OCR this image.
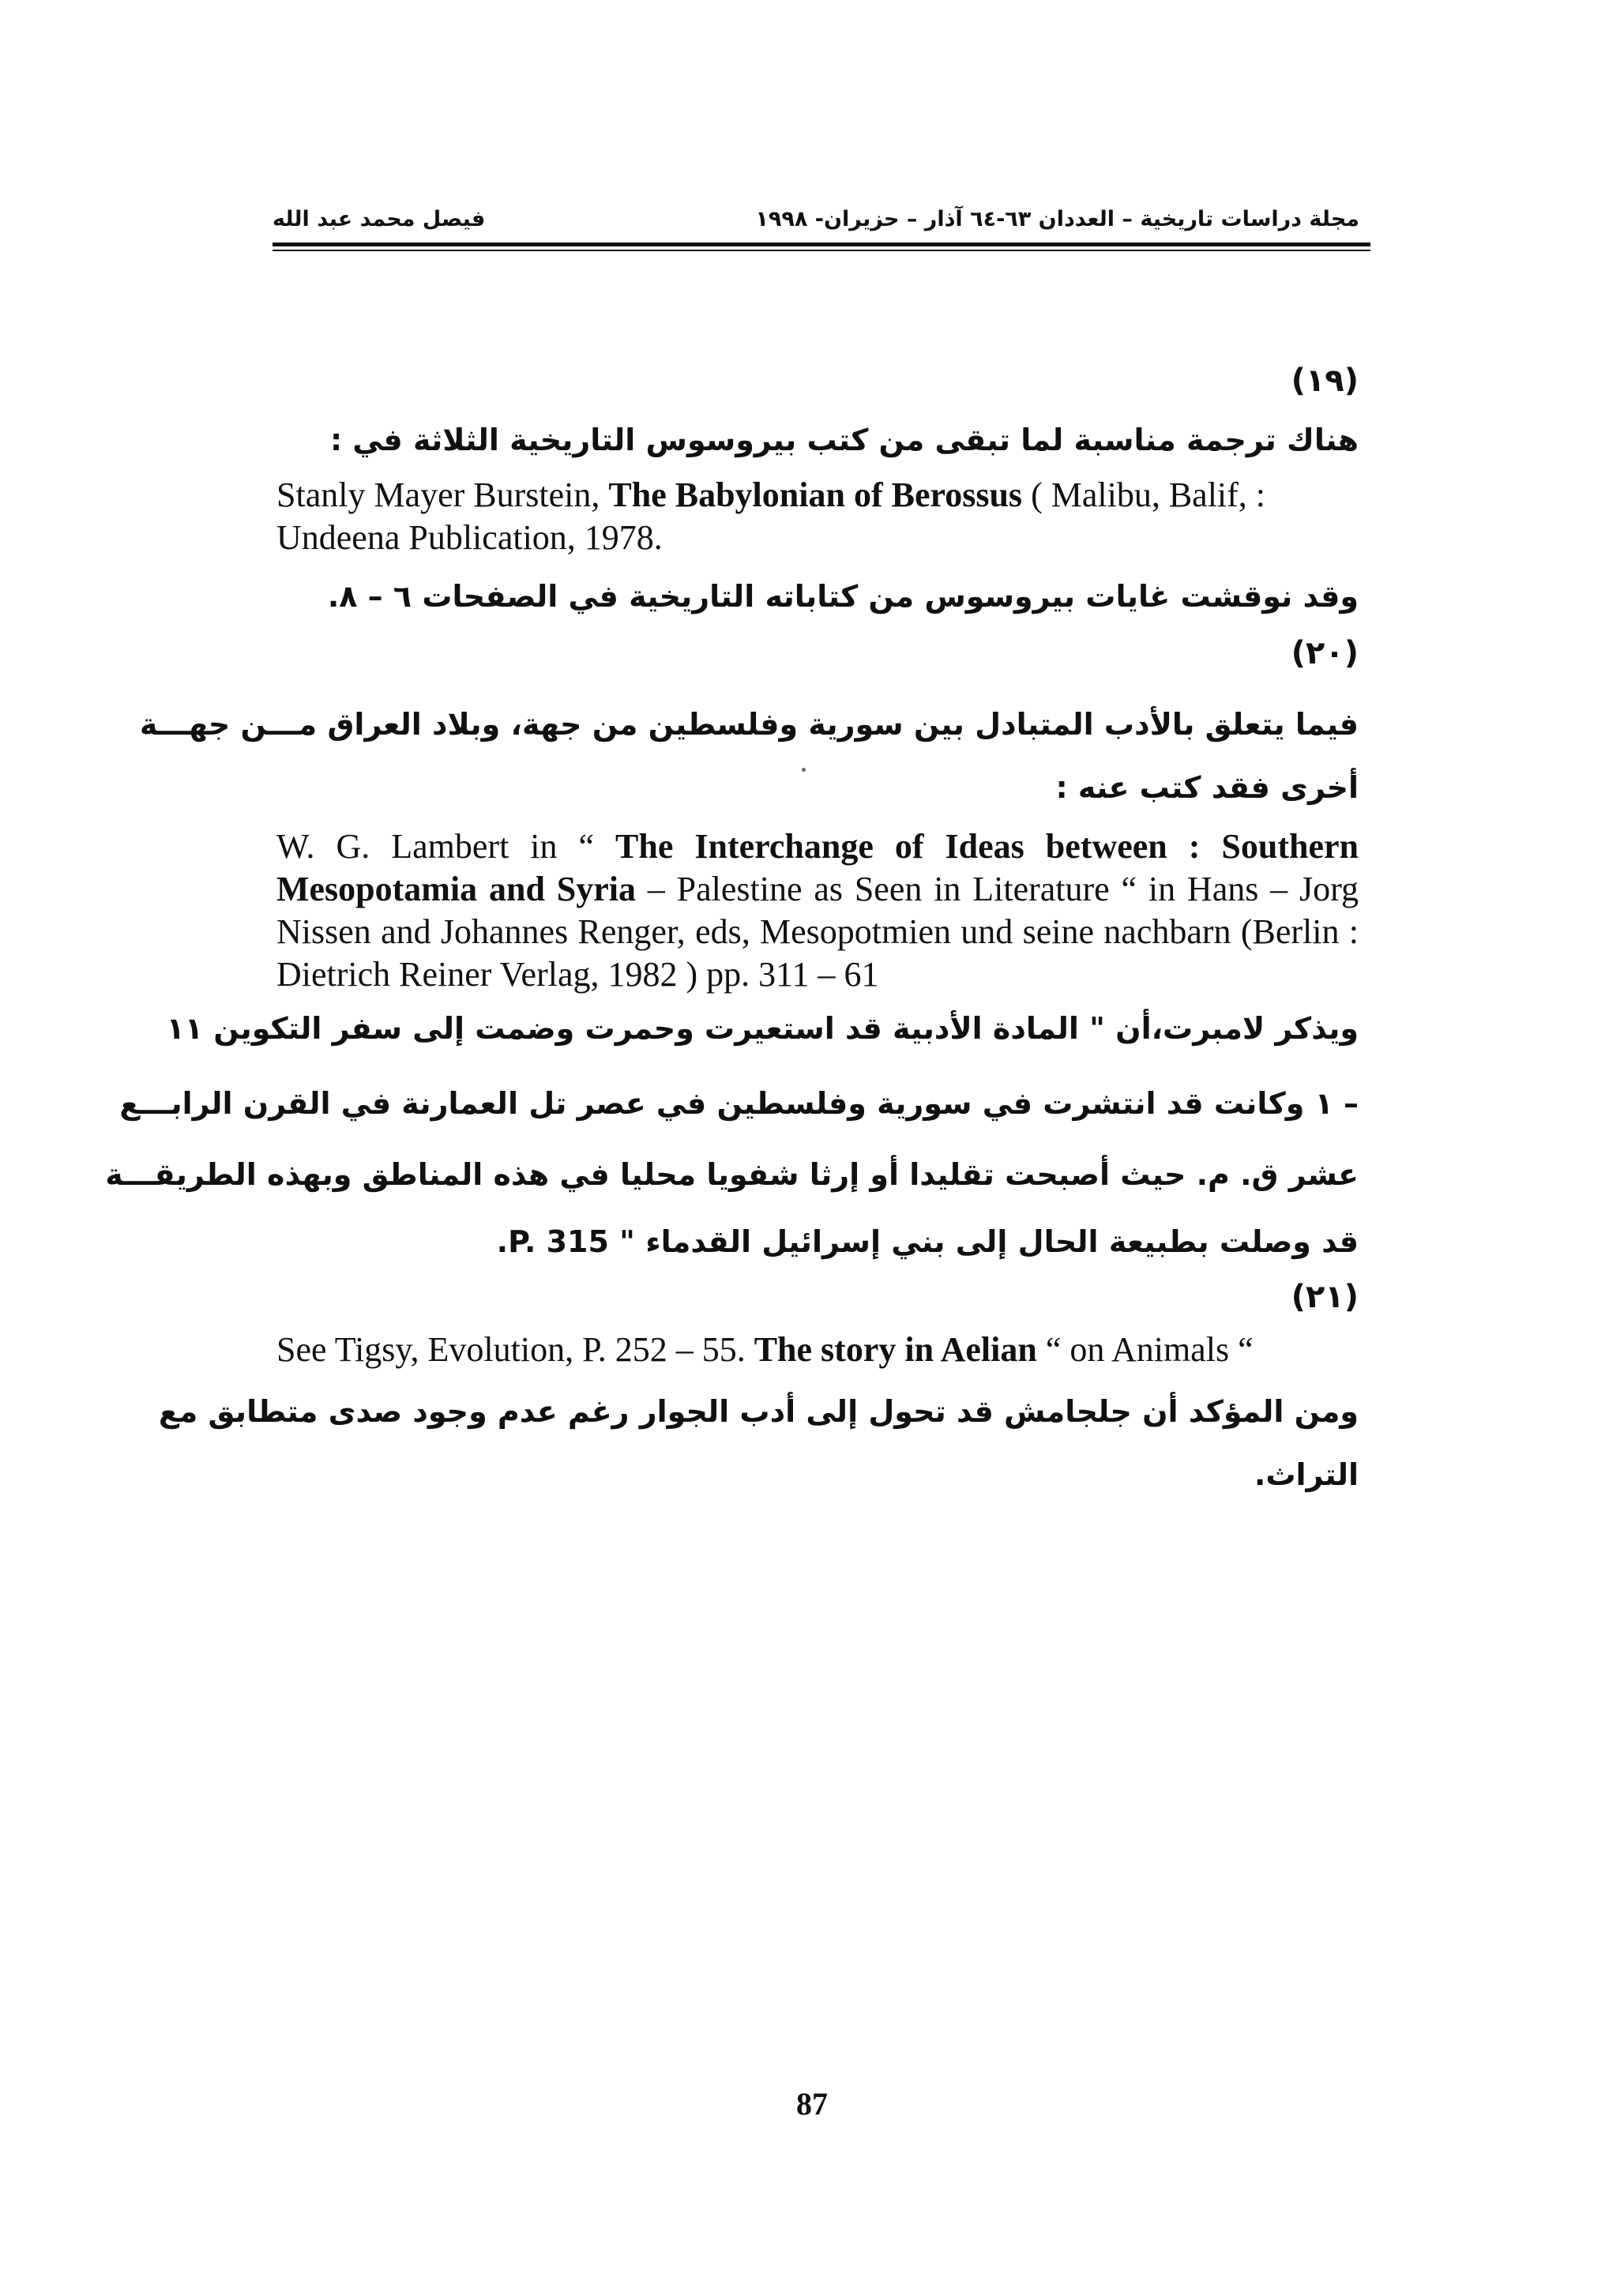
مجلة دراسات تاريخية – العددان ٦٣-٦٤ آذار – حزيران- ١٩٩٨
فيصل محمد عبد الله
(١٩)
هناك ترجمة مناسبة لما تبقى من كتب بيروسوس التاريخية الثلاثة في :
Stanly Mayer Burstein, The Babylonian of Berossus ( Malibu, Balif, : Undeena Publication, 1978.
وقد نوقشت غايات بيروسوس من كتاباته التاريخية في الصفحات ٦ – ٨.
(٢٠)
فيما يتعلق بالأدب المتبادل بين سورية وفلسطين من جهة، وبلاد العراق مـــن جهـــة
أخرى فقد كتب عنه :
W. G. Lambert in “ The Interchange of Ideas between : Southern Mesopotamia and Syria – Palestine as Seen in Literature “ in Hans – Jorg Nissen and Johannes Renger, eds, Mesopotmien und seine nachbarn (Berlin : Dietrich Reiner Verlag, 1982 ) pp. 311 – 61
ويذكر لامبرت،أن " المادة الأدبية قد استعيرت وحمرت وضمت إلى سفر التكوين ١١
– ١ وكانت قد انتشرت في سورية وفلسطين في عصر تل العمارنة في القرن الرابـــع
عشر ق. م. حيث أصبحت تقليدا أو إرثا شفويا محليا في هذه المناطق وبهذه الطريقـــة
قد وصلت بطبيعة الحال إلى بني إسرائيل القدماء " P. 315.
(٢١)
See Tigsy, Evolution, P. 252 – 55. The story in Aelian “ on Animals “
ومن المؤكد أن جلجامش قد تحول إلى أدب الجوار رغم عدم وجود صدى متطابق مع
التراث.
87
